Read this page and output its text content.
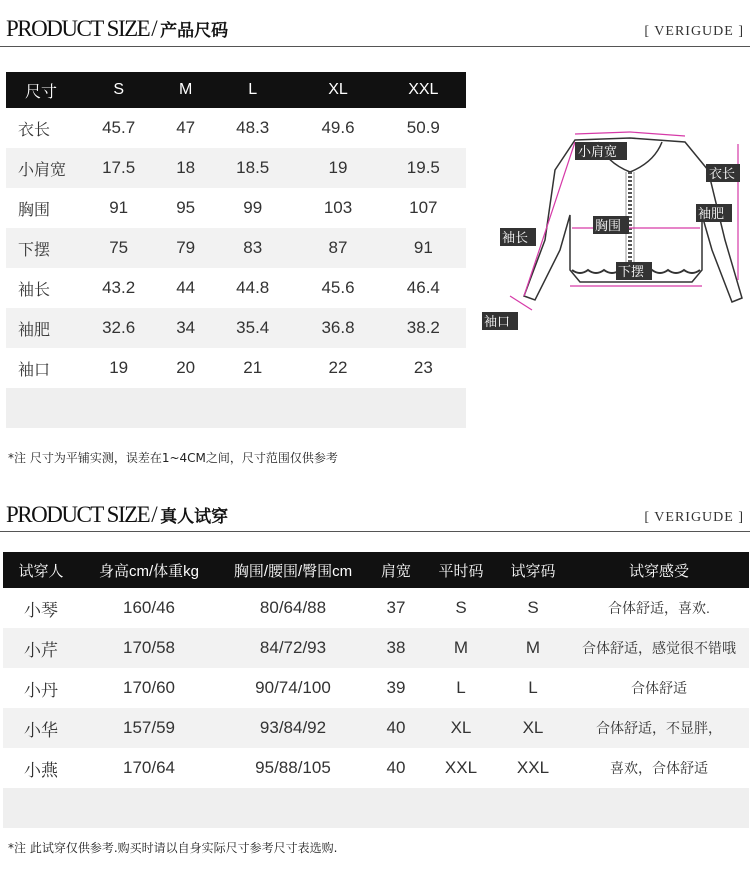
PRODUCT SIZE / 产品尺码	[ VERIGUDE ]
尺寸	S	M	L	XL	XXL
衣长	45.7	47	48.3	49.6	50.9
小肩宽	17.5	18	18.5	19	19.5
胸围	91	95	99	103	107
下摆	75	79	83	87	91
袖长	43.2	44	44.8	45.6	46.4
袖肥	32.6	34	35.4	36.8	38.2
袖口	19	20	21	22	23

小肩宽
衣长
袖肥
胸围
袖长
下摆
袖口
*注 尺寸为平铺实测，误差在1~4CM之间，尺寸范围仅供参考
PRODUCT SIZE / 真人试穿	[ VERIGUDE ]
试穿人	身高cm/体重kg	胸围/腰围/臀围cm	肩宽	平时码	试穿码	试穿感受
小琴	160/46	80/64/88	37	S	S	合体舒适，喜欢.
小芹	170/58	84/72/93	38	M	M	合体舒适，感觉很不错哦
小丹	170/60	90/74/100	39	L	L	合体舒适
小华	157/59	93/84/92	40	XL	XL	合体舒适，不显胖，
小燕	170/64	95/88/105	40	XXL	XXL	喜欢，合体舒适

*注 此试穿仅供参考.购买时请以自身实际尺寸参考尺寸表选购.
